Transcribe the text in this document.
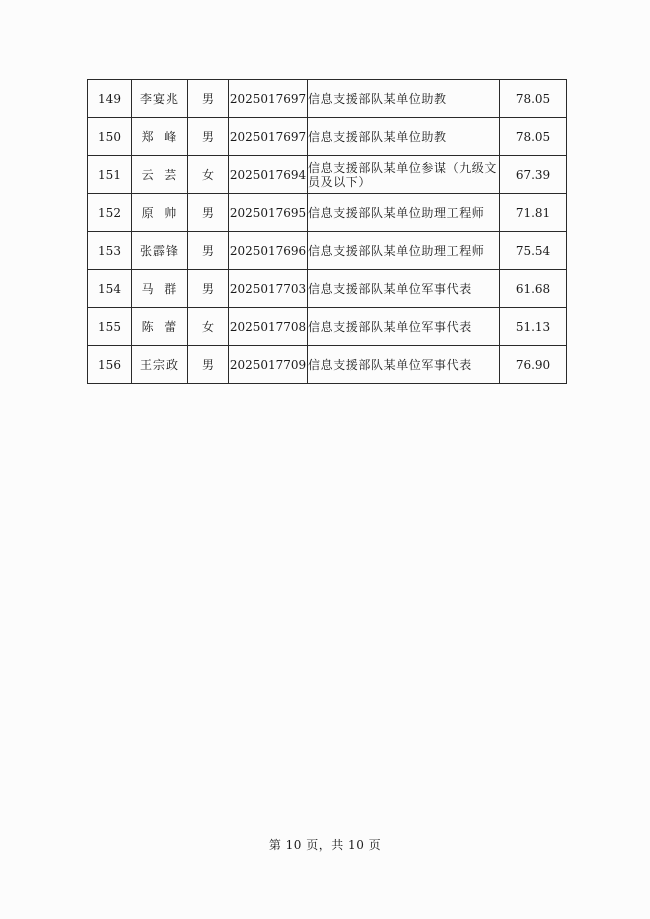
149	李宴兆	男	2025017697	信息支援部队某单位助教	78.05
150	郑  峰	男	2025017697	信息支援部队某单位助教	78.05
151	云  芸	女	2025017694	信息支援部队某单位参谋（九级文员及以下）	67.39
152	原  帅	男	2025017695	信息支援部队某单位助理工程师	71.81
153	张霹锋	男	2025017696	信息支援部队某单位助理工程师	75.54
154	马  群	男	2025017703	信息支援部队某单位军事代表	61.68
155	陈  蕾	女	2025017708	信息支援部队某单位军事代表	51.13
156	王宗政	男	2025017709	信息支援部队某单位军事代表	76.90
第 10 页，共 10 页
